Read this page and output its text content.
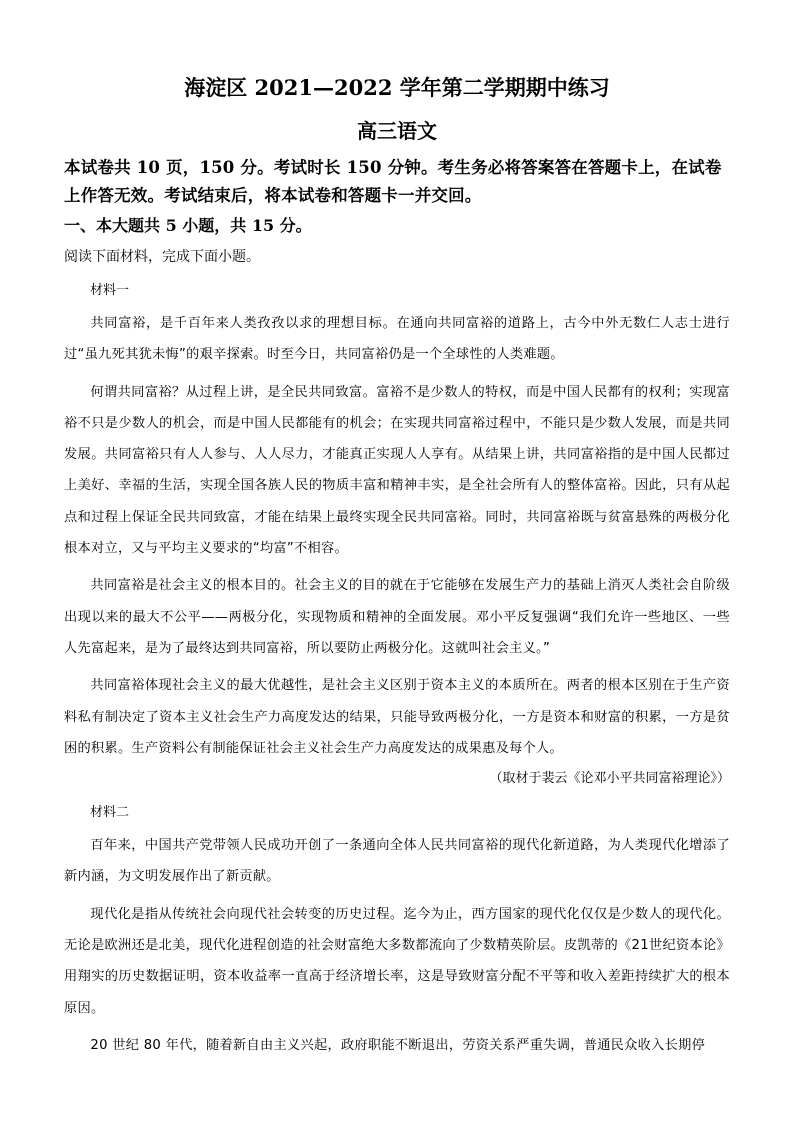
海淀区 2021—2022 学年第二学期期中练习
高三语文

本试卷共 10 页，150 分。考试时长 150 分钟。考生务必将答案答在答题卡上，在试卷上作答无效。考试结束后，将本试卷和答题卡一并交回。

一、本大题共 5 小题，共 15 分。

阅读下面材料，完成下面小题。

材料一

共同富裕，是千百年来人类孜孜以求的理想目标。在通向共同富裕的道路上，古今中外无数仁人志士进行过“虽九死其犹未悔”的艰辛探索。时至今日，共同富裕仍是一个全球性的人类难题。

何谓共同富裕？从过程上讲，是全民共同致富。富裕不是少数人的特权，而是中国人民都有的权利；实现富裕不只是少数人的机会，而是中国人民都能有的机会；在实现共同富裕过程中，不能只是少数人发展，而是共同发展。共同富裕只有人人参与、人人尽力，才能真正实现人人享有。从结果上讲，共同富裕指的是中国人民都过上美好、幸福的生活，实现全国各族人民的物质丰富和精神丰实，是全社会所有人的整体富裕。因此，只有从起点和过程上保证全民共同致富，才能在结果上最终实现全民共同富裕。同时，共同富裕既与贫富悬殊的两极分化根本对立，又与平均主义要求的“均富”不相容。

共同富裕是社会主义的根本目的。社会主义的目的就在于它能够在发展生产力的基础上消灭人类社会自阶级出现以来的最大不公平——两极分化，实现物质和精神的全面发展。邓小平反复强调“我们允许一些地区、一些人先富起来，是为了最终达到共同富裕，所以要防止两极分化。这就叫社会主义。”

共同富裕体现社会主义的最大优越性，是社会主义区别于资本主义的本质所在。两者的根本区别在于生产资料私有制决定了资本主义社会生产力高度发达的结果，只能导致两极分化，一方是资本和财富的积累，一方是贫困的积累。生产资料公有制能保证社会主义社会生产力高度发达的成果惠及每个人。

（取材于裴云《论邓小平共同富裕理论》）

材料二

百年来，中国共产党带领人民成功开创了一条通向全体人民共同富裕的现代化新道路，为人类现代化增添了新内涵，为文明发展作出了新贡献。

现代化是指从传统社会向现代社会转变的历史过程。迄今为止，西方国家的现代化仅仅是少数人的现代化。无论是欧洲还是北美，现代化进程创造的社会财富绝大多数都流向了少数精英阶层。皮凯蒂的《21世纪资本论》用翔实的历史数据证明，资本收益率一直高于经济增长率，这是导致财富分配不平等和收入差距持续扩大的根本原因。

20 世纪 80 年代，随着新自由主义兴起，政府职能不断退出，劳资关系严重失调，普通民众收入长期停
